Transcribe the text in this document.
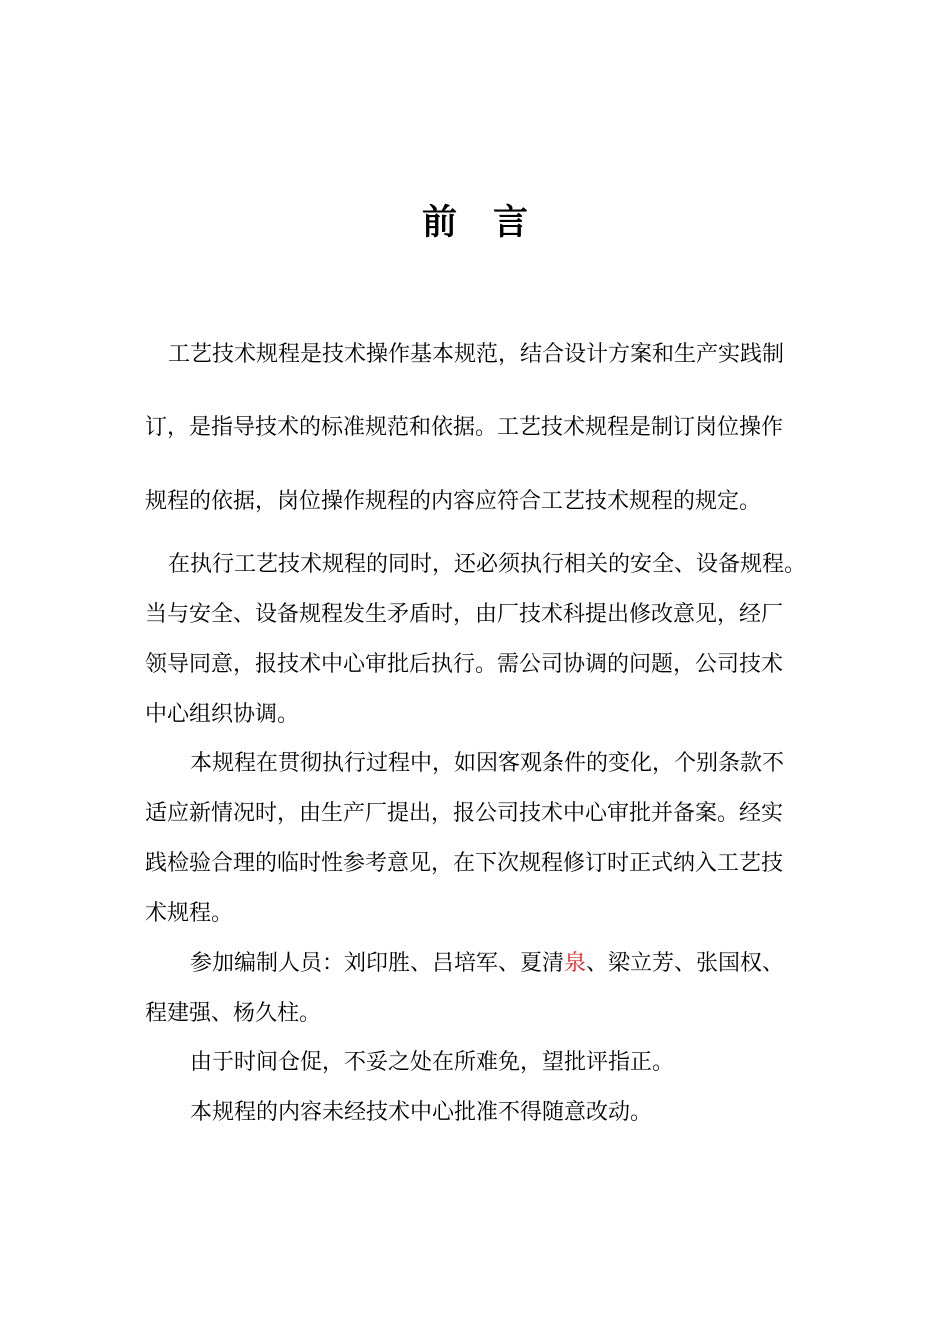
前 言
工艺技术规程是技术操作基本规范，结合设计方案和生产实践制
订，是指导技术的标准规范和依据。工艺技术规程是制订岗位操作
规程的依据，岗位操作规程的内容应符合工艺技术规程的规定。
在执行工艺技术规程的同时，还必须执行相关的安全、设备规程。
当与安全、设备规程发生矛盾时，由厂技术科提出修改意见，经厂
领导同意，报技术中心审批后执行。需公司协调的问题，公司技术
中心组织协调。
本规程在贯彻执行过程中，如因客观条件的变化，个别条款不
适应新情况时，由生产厂提出，报公司技术中心审批并备案。经实
践检验合理的临时性参考意见，在下次规程修订时正式纳入工艺技
术规程。
参加编制人员：刘印胜、吕培军、夏清泉、梁立芳、张国权、
程建强、杨久柱。
由于时间仓促，不妥之处在所难免，望批评指正。
本规程的内容未经技术中心批准不得随意改动。
